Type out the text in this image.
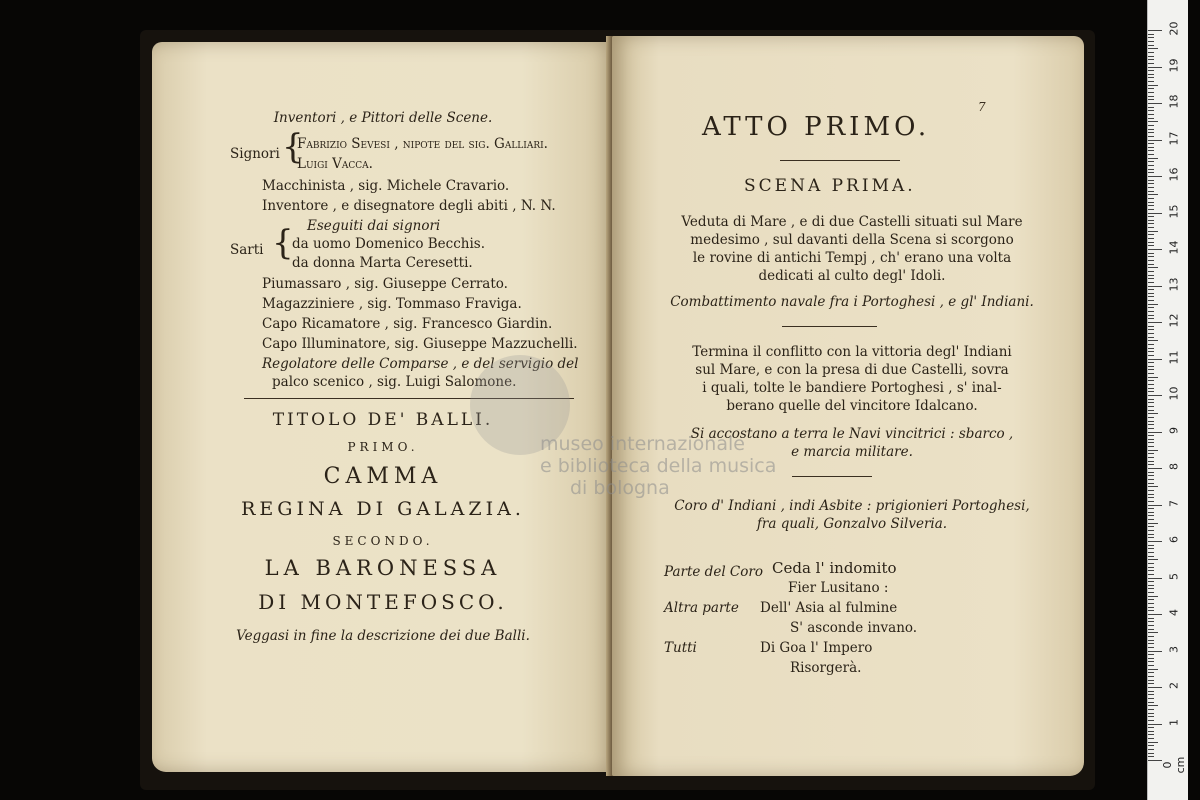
Inventori , e Pittori delle Scene.
Signori {
Fabrizio Sevesi , nipote del sig. Galliari.
Luigi Vacca.
Macchinista , sig. Michele Cravario.
Inventore , e disegnatore degli abiti , N. N.
Eseguiti dai signori
Sarti {
da uomo Domenico Becchis.
da donna Marta Ceresetti.
Piumassaro , sig. Giuseppe Cerrato.
Magazziniere , sig. Tommaso Fraviga.
Capo Ricamatore , sig. Francesco Giardin.
Capo Illuminatore, sig. Giuseppe Mazzuchelli.
Regolatore delle Comparse , e del servigio del
palco scenico , sig. Luigi Salomone.
TITOLO DE' BALLI.
PRIMO.
CAMMA
REGINA DI GALAZIA.
SECONDO.
LA BARONESSA
DI MONTEFOSCO.
Veggasi in fine la descrizione dei due Balli.
ATTO PRIMO.
SCENA PRIMA.
Veduta di Mare , e di due Castelli situati sul Mare
medesimo , sul davanti della Scena si scorgono
le rovine di antichi Tempj , ch' erano una volta
dedicati al culto degl' Idoli.
Combattimento navale fra i Portoghesi , e gl' Indiani.
Termina il conflitto con la vittoria degl' Indiani
sul Mare, e con la presa di due Castelli, sovra
i quali, tolte le bandiere Portoghesi , s' inal-
berano quelle del vincitore Idalcano.
Si accostano a terra le Navi vincitrici : sbarco ,
e marcia militare.
Coro d' Indiani , indi Asbite : prigionieri Portoghesi,
fra quali, Gonzalvo Silveria.
Parte del Coro Ceda l' indomito
Fier Lusitano :
Altra parte Dell' Asia al fulmine
S' asconde invano.
Tutti	Di Goa l' Impero
Risorgerà.
7
museo internazionale
e biblioteca della musica
di bologna
0 cm
1
2
3
4
5
6
7
8
9
10
11
12
13
14
15
16
17
18
19
20
